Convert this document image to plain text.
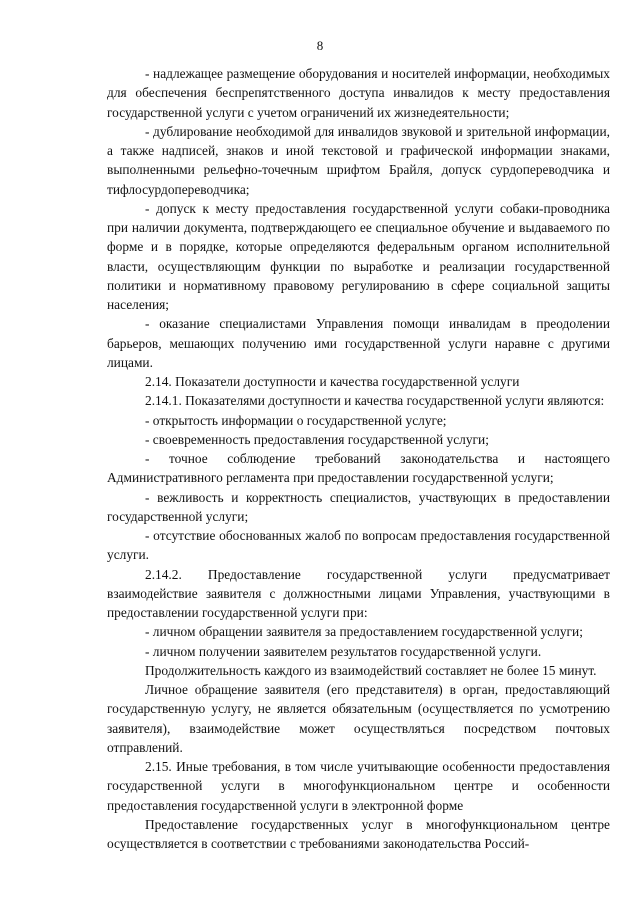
8

- надлежащее размещение оборудования и носителей информации, необходимых для обеспечения беспрепятственного доступа инвалидов к месту предоставления государственной услуги с учетом ограничений их жизнедеятельности;

- дублирование необходимой для инвалидов звуковой и зрительной информации, а также надписей, знаков и иной текстовой и графической информации знаками, выполненными рельефно-точечным шрифтом Брайля, допуск сурдопереводчика и тифлосурдопереводчика;

- допуск к месту предоставления государственной услуги собаки-проводника при наличии документа, подтверждающего ее специальное обучение и выдаваемого по форме и в порядке, которые определяются федеральным органом исполнительной власти, осуществляющим функции по выработке и реализации государственной политики и нормативному правовому регулированию в сфере социальной защиты населения;

- оказание специалистами Управления помощи инвалидам в преодолении барьеров, мешающих получению ими государственной услуги наравне с другими лицами.

2.14. Показатели доступности и качества государственной услуги

2.14.1. Показателями доступности и качества государственной услуги являются:

- открытость информации о государственной услуге;

- своевременность предоставления государственной услуги;

- точное соблюдение требований законодательства и настоящего Административного регламента при предоставлении государственной услуги;

- вежливость и корректность специалистов, участвующих в предоставлении государственной услуги;

- отсутствие обоснованных жалоб по вопросам предоставления государственной услуги.

2.14.2. Предоставление государственной услуги предусматривает взаимодействие заявителя с должностными лицами Управления, участвующими в предоставлении государственной услуги при:

- личном обращении заявителя за предоставлением государственной услуги;

- личном получении заявителем результатов государственной услуги.

Продолжительность каждого из взаимодействий составляет не более 15 минут.

Личное обращение заявителя (его представителя) в орган, предоставляющий государственную услугу, не является обязательным (осуществляется по усмотрению заявителя), взаимодействие может осуществляться посредством почтовых отправлений.

2.15. Иные требования, в том числе учитывающие особенности предоставления государственной услуги в многофункциональном центре и особенности предоставления государственной услуги в электронной форме

Предоставление государственных услуг в многофункциональном центре осуществляется в соответствии с требованиями законодательства Россий-
